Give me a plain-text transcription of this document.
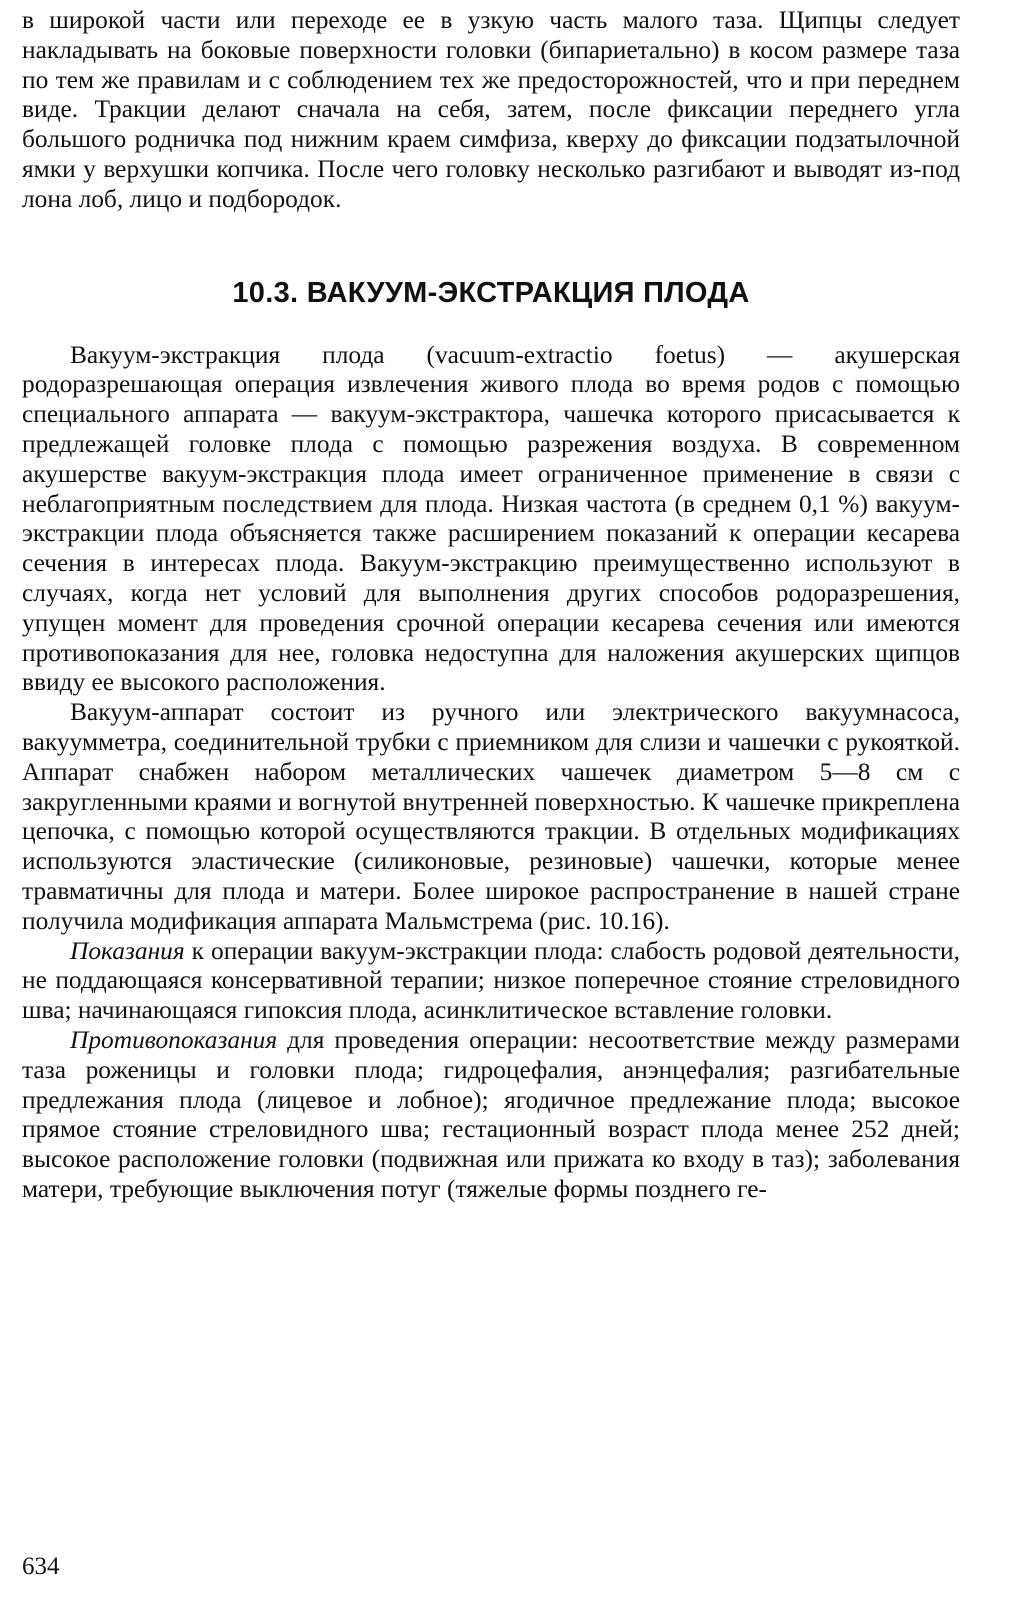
в широкой части или переходе ее в узкую часть малого таза. Щипцы следует накладывать на боковые поверхности головки (бипариетально) в косом размере таза по тем же правилам и с соблюдением тех же предосторожностей, что и при переднем виде. Тракции делают сначала на себя, затем, после фиксации переднего угла большого родничка под нижним краем симфиза, кверху до фиксации подзатылочной ямки у верхушки копчика. После чего головку несколько разгибают и выводят из-под лона лоб, лицо и подбородок.

10.3. ВАКУУМ-ЭКСТРАКЦИЯ ПЛОДА

Вакуум-экстракция плода (vacuum-extractio foetus) — акушерская родоразрешающая операция извлечения живого плода во время родов с помощью специального аппарата — вакуум-экстрактора, чашечка которого присасывается к предлежащей головке плода с помощью разрежения воздуха. В современном акушерстве вакуум-экстракция плода имеет ограниченное применение в связи с неблагоприятным последствием для плода. Низкая частота (в среднем 0,1 %) вакуум-экстракции плода объясняется также расширением показаний к операции кесарева сечения в интересах плода. Вакуум-экстракцию преимущественно используют в случаях, когда нет условий для выполнения других способов родоразрешения, упущен момент для проведения срочной операции кесарева сечения или имеются противопоказания для нее, головка недоступна для наложения акушерских щипцов ввиду ее высокого расположения.

Вакуум-аппарат состоит из ручного или электрического вакуумнасоса, вакуумметра, соединительной трубки с приемником для слизи и чашечки с рукояткой. Аппарат снабжен набором металлических чашечек диаметром 5—8 см с закругленными краями и вогнутой внутренней поверхностью. К чашечке прикреплена цепочка, с помощью которой осуществляются тракции. В отдельных модификациях используются эластические (силиконовые, резиновые) чашечки, которые менее травматичны для плода и матери. Более широкое распространение в нашей стране получила модификация аппарата Мальмстрема (рис. 10.16).

Показания к операции вакуум-экстракции плода: слабость родовой деятельности, не поддающаяся консервативной терапии; низкое поперечное стояние стреловидного шва; начинающаяся гипоксия плода, асинклитическое вставление головки.

Противопоказания для проведения операции: несоответствие между размерами таза роженицы и головки плода; гидроцефалия, анэнцефалия; разгибательные предлежания плода (лицевое и лобное); ягодичное предлежание плода; высокое прямое стояние стреловидного шва; гестационный возраст плода менее 252 дней; высокое расположение головки (подвижная или прижата ко входу в таз); заболевания матери, требующие выключения потуг (тяжелые формы позднего ге-

634
